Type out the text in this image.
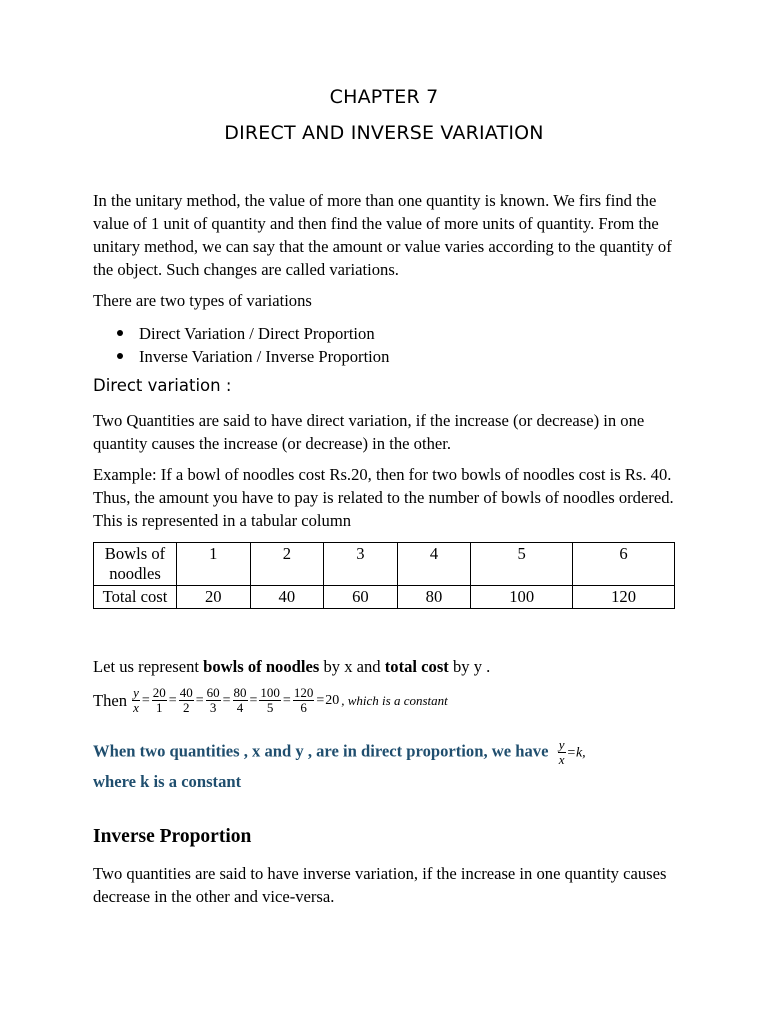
CHAPTER 7
DIRECT AND INVERSE VARIATION

In the unitary method, the value of more than one quantity is known. We firs find the value of 1 unit of quantity and then find the value of more units of quantity. From the unitary method, we can say that the amount or value varies according to the quantity of the object. Such changes are called variations.

There are two types of variations

Direct Variation / Direct Proportion
Inverse Variation / Inverse Proportion
Direct variation :

Two Quantities are said to have direct variation, if the increase (or decrease) in one quantity causes the increase (or decrease) in the other.

Example: If a bowl of noodles cost Rs.20, then for two bowls of noodles cost is Rs. 40. Thus, the amount you have to pay is related to the number of bowls of noodles ordered. This is represented in a tabular column

Bowls of noodles	1	2	3	4	5	6
Total cost	20	40	60	80	100	120

Let us represent bowls of noodles by x and total cost by y .

Then $\frac{y}{x} = \frac{20}{1} = \frac{40}{2} = \frac{60}{3} = \frac{80}{4} = \frac{100}{5} = \frac{120}{6} = 20$ , which is a constant

When two quantities , x and y , are in direct proportion, we have $\frac{y}{x} =k$,

where k is a constant

Inverse Proportion

Two quantities are said to have inverse variation, if the increase in one quantity causes decrease in the other and vice-versa.
